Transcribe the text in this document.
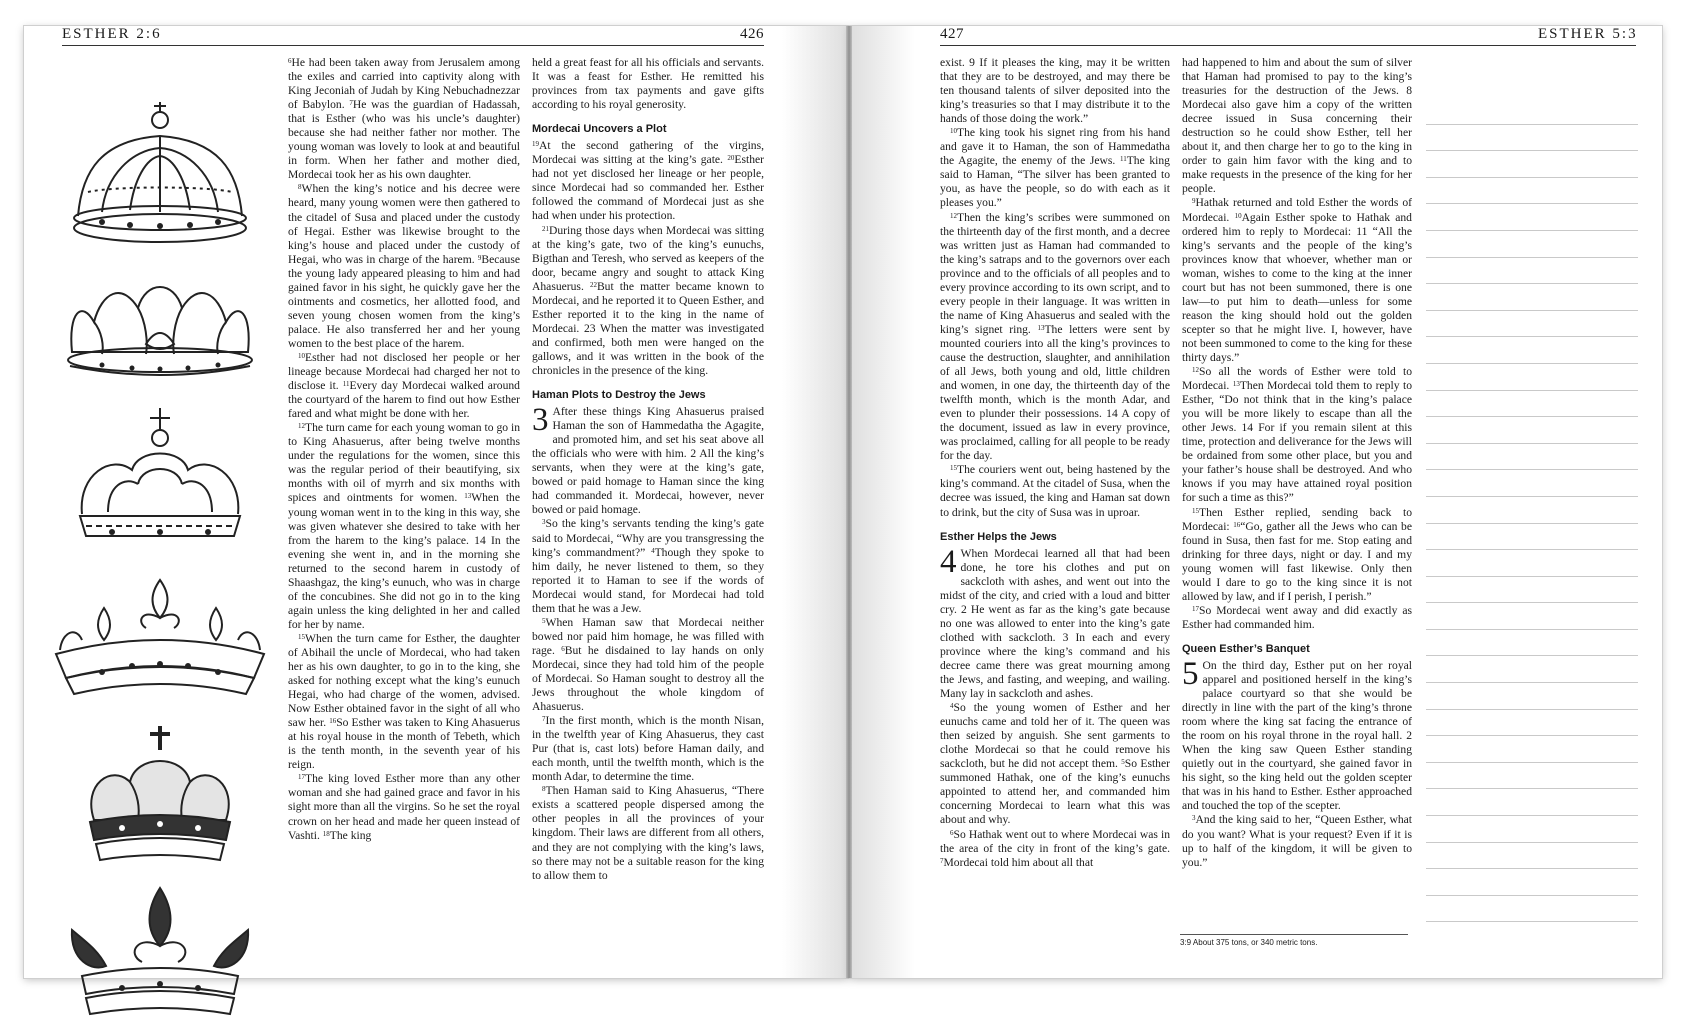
ESTHER 2:6	426	427	ESTHER 5:3

$^6$He had been taken away from Jerusalem among the exiles and carried into captivity along with King Jeconiah of Judah by King Nebuchadnezzar of Babylon. $^7$He was the guardian of Hadassah, that is Esther (who was his uncle’s daughter) because she had neither father nor mother. The young woman was lovely to look at and beautiful in form. When her father and mother died, Mordecai took her as his own daughter.

$^8$When the king’s notice and his decree were heard, many young women were then gathered to the citadel of Susa and placed under the custody of Hegai. Esther was likewise brought to the king’s house and placed under the custody of Hegai, who was in charge of the harem. $^9$Because the young lady appeared pleasing to him and had gained favor in his sight, he quickly gave her the ointments and cosmetics, her allotted food, and seven young chosen women from the king’s palace. He also transferred her and her young women to the best place of the harem.

$^{10}$Esther had not disclosed her people or her lineage because Mordecai had charged her not to disclose it. $^{11}$Every day Mordecai walked around the courtyard of the harem to find out how Esther fared and what might be done with her.

$^{12}$The turn came for each young woman to go in to King Ahasuerus, after being twelve months under the regulations for the women, since this was the regular period of their beautifying, six months with oil of myrrh and six months with spices and ointments for women. $^{13}$When the young woman went in to the king in this way, she was given whatever she desired to take with her from the harem to the king’s palace. 14 In the evening she went in, and in the morning she returned to the second harem in custody of Shaashgaz, the king’s eunuch, who was in charge of the concubines. She did not go in to the king again unless the king delighted in her and called for her by name.

$^{15}$When the turn came for Esther, the daughter of Abihail the uncle of Mordecai, who had taken her as his own daughter, to go in to the king, she asked for nothing except what the king’s eunuch Hegai, who had charge of the women, advised. Now Esther obtained favor in the sight of all who saw her. $^{16}$So Esther was taken to King Ahasuerus at his royal house in the month of Tebeth, which is the tenth month, in the seventh year of his reign.

$^{17}$The king loved Esther more than any other woman and she had gained grace and favor in his sight more than all the virgins. So he set the royal crown on her head and made her queen instead of Vashti. $^{18}$The king

held a great feast for all his officials and servants. It was a feast for Esther. He remitted his provinces from tax payments and gave gifts according to his royal generosity.

Mordecai Uncovers a Plot

$^{19}$At the second gathering of the virgins, Mordecai was sitting at the king’s gate. $^{20}$Esther had not yet disclosed her lineage or her people, since Mordecai had so commanded her. Esther followed the command of Mordecai just as she had when under his protection.

$^{21}$During those days when Mordecai was sitting at the king’s gate, two of the king’s eunuchs, Bigthan and Teresh, who served as keepers of the door, became angry and sought to attack King Ahasuerus. $^{22}$But the matter became known to Mordecai, and he reported it to Queen Esther, and Esther reported it to the king in the name of Mordecai. 23 When the matter was investigated and confirmed, both men were hanged on the gallows, and it was written in the book of the chronicles in the presence of the king.

Haman Plots to Destroy the Jews

3 After these things King Ahasuerus praised Haman the son of Hammedatha the Agagite, and promoted him, and set his seat above all the officials who were with him. 2 All the king’s servants, when they were at the king’s gate, bowed or paid homage to Haman since the king had commanded it. Mordecai, however, never bowed or paid homage.

$^3$So the king’s servants tending the king’s gate said to Mordecai, “Why are you transgressing the king’s commandment?” $^4$Though they spoke to him daily, he never listened to them, so they reported it to Haman to see if the words of Mordecai would stand, for Mordecai had told them that he was a Jew.

$^5$When Haman saw that Mordecai neither bowed nor paid him homage, he was filled with rage. $^6$But he disdained to lay hands on only Mordecai, since they had told him of the people of Mordecai. So Haman sought to destroy all the Jews throughout the whole kingdom of Ahasuerus.

$^7$In the first month, which is the month Nisan, in the twelfth year of King Ahasuerus, they cast Pur (that is, cast lots) before Haman daily, and each month, until the twelfth month, which is the month Adar, to determine the time.

$^8$Then Haman said to King Ahasuerus, “There exists a scattered people dispersed among the other peoples in all the provinces of your kingdom. Their laws are different from all others, and they are not complying with the king’s laws, so there may not be a suitable reason for the king to allow them to

exist. 9 If it pleases the king, may it be written that they are to be destroyed, and may there be ten thousand talents of silver deposited into the king’s treasuries so that I may distribute it to the hands of those doing the work.”

$^{10}$The king took his signet ring from his hand and gave it to Haman, the son of Hammedatha the Agagite, the enemy of the Jews. $^{11}$The king said to Haman, “The silver has been granted to you, as have the people, so do with each as it pleases you.”

$^{12}$Then the king’s scribes were summoned on the thirteenth day of the first month, and a decree was written just as Haman had commanded to the king’s satraps and to the governors over each province and to the officials of all peoples and to every province according to its own script, and to every people in their language. It was written in the name of King Ahasuerus and sealed with the king’s signet ring. $^{13}$The letters were sent by mounted couriers into all the king’s provinces to cause the destruction, slaughter, and annihilation of all Jews, both young and old, little children and women, in one day, the thirteenth day of the twelfth month, which is the month Adar, and even to plunder their possessions. 14 A copy of the document, issued as law in every province, was proclaimed, calling for all people to be ready for the day.

$^{15}$The couriers went out, being hastened by the king’s command. At the citadel of Susa, when the decree was issued, the king and Haman sat down to drink, but the city of Susa was in uproar.

Esther Helps the Jews

4 When Mordecai learned all that had been done, he tore his clothes and put on sackcloth with ashes, and went out into the midst of the city, and cried with a loud and bitter cry. 2 He went as far as the king’s gate because no one was allowed to enter into the king’s gate clothed with sackcloth. 3 In each and every province where the king’s command and his decree came there was great mourning among the Jews, and fasting, and weeping, and wailing. Many lay in sackcloth and ashes.

$^4$So the young women of Esther and her eunuchs came and told her of it. The queen was then seized by anguish. She sent garments to clothe Mordecai so that he could remove his sackcloth, but he did not accept them. $^5$So Esther summoned Hathak, one of the king’s eunuchs appointed to attend her, and commanded him concerning Mordecai to learn what this was about and why.

$^6$So Hathak went out to where Mordecai was in the area of the city in front of the king’s gate. $^7$Mordecai told him about all that

had happened to him and about the sum of silver that Haman had promised to pay to the king’s treasuries for the destruction of the Jews. 8 Mordecai also gave him a copy of the written decree issued in Susa concerning their destruction so he could show Esther, tell her about it, and then charge her to go to the king in order to gain him favor with the king and to make requests in the presence of the king for her people.

$^9$Hathak returned and told Esther the words of Mordecai. $^{10}$Again Esther spoke to Hathak and ordered him to reply to Mordecai: 11 “All the king’s servants and the people of the king’s provinces know that whoever, whether man or woman, wishes to come to the king at the inner court but has not been summoned, there is one law—to put him to death—unless for some reason the king should hold out the golden scepter so that he might live. I, however, have not been summoned to come to the king for these thirty days.”

$^{12}$So all the words of Esther were told to Mordecai. $^{13}$Then Mordecai told them to reply to Esther, “Do not think that in the king’s palace you will be more likely to escape than all the other Jews. 14 For if you remain silent at this time, protection and deliverance for the Jews will be ordained from some other place, but you and your father’s house shall be destroyed. And who knows if you may have attained royal position for such a time as this?”

$^{15}$Then Esther replied, sending back to Mordecai: $^{16}$“Go, gather all the Jews who can be found in Susa, then fast for me. Stop eating and drinking for three days, night or day. I and my young women will fast likewise. Only then would I dare to go to the king since it is not allowed by law, and if I perish, I perish.”

$^{17}$So Mordecai went away and did exactly as Esther had commanded him.

Queen Esther’s Banquet

5 On the third day, Esther put on her royal apparel and positioned herself in the king’s palace courtyard so that she would be directly in line with the part of the king’s throne room where the king sat facing the entrance of the room on his royal throne in the royal hall. 2 When the king saw Queen Esther standing quietly out in the courtyard, she gained favor in his sight, so the king held out the golden scepter that was in his hand to Esther. Esther approached and touched the top of the scepter.

$^3$And the king said to her, “Queen Esther, what do you want? What is your request? Even if it is up to half of the kingdom, it will be given to you.”

3:9 About 375 tons, or 340 metric tons.
